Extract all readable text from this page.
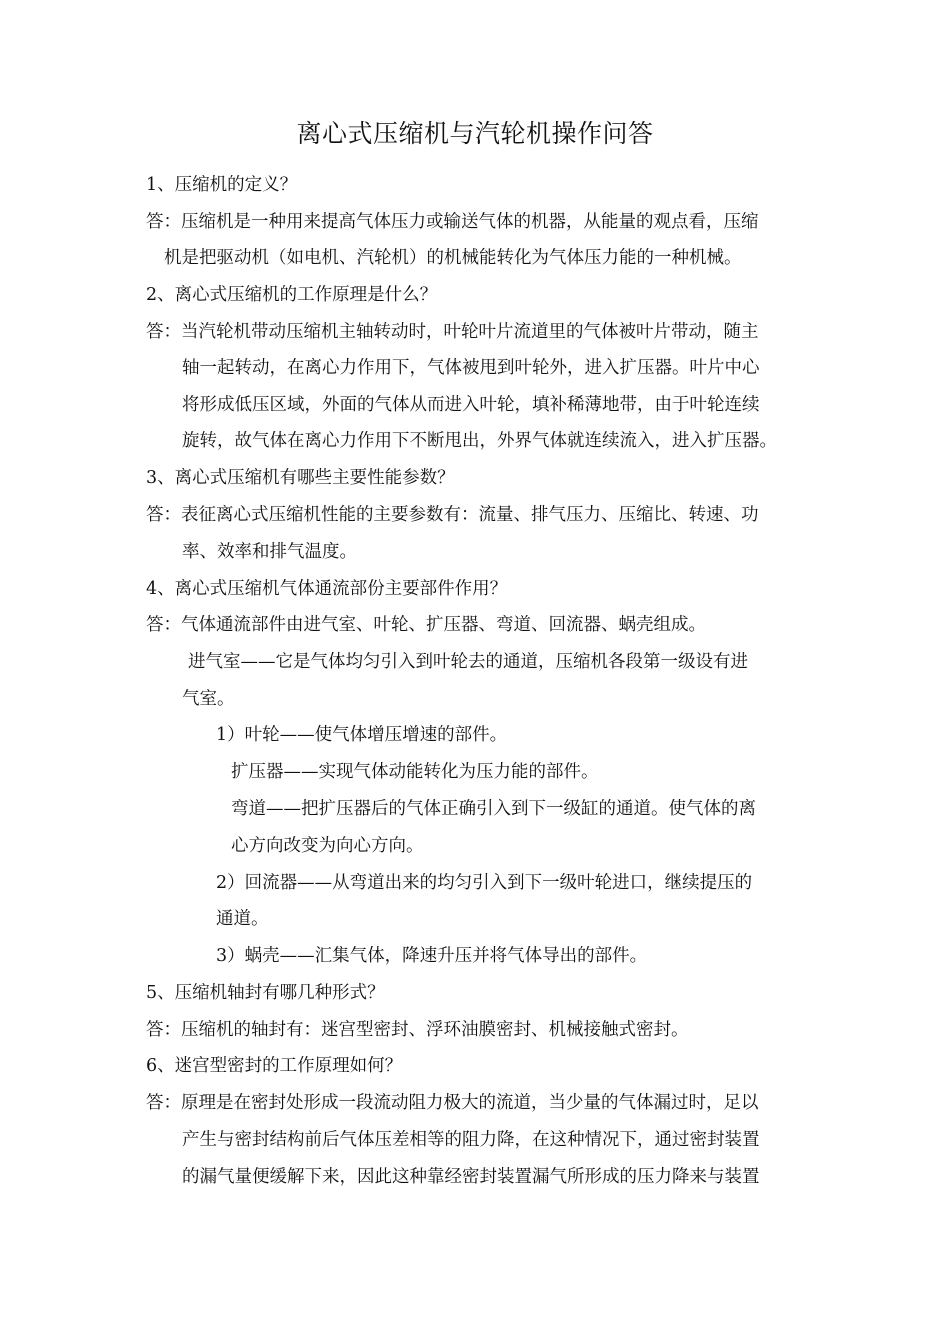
离心式压缩机与汽轮机操作问答
1、压缩机的定义？
答：压缩机是一种用来提高气体压力或输送气体的机器，从能量的观点看，压缩
机是把驱动机（如电机、汽轮机）的机械能转化为气体压力能的一种机械。
2、离心式压缩机的工作原理是什么？
答：当汽轮机带动压缩机主轴转动时，叶轮叶片流道里的气体被叶片带动，随主
轴一起转动，在离心力作用下，气体被甩到叶轮外，进入扩压器。叶片中心
将形成低压区域，外面的气体从而进入叶轮，填补稀薄地带，由于叶轮连续
旋转，故气体在离心力作用下不断甩出，外界气体就连续流入，进入扩压器。
3、离心式压缩机有哪些主要性能参数？
答：表征离心式压缩机性能的主要参数有：流量、排气压力、压缩比、转速、功
率、效率和排气温度。
4、离心式压缩机气体通流部份主要部件作用？
答：气体通流部件由进气室、叶轮、扩压器、弯道、回流器、蜗壳组成。
进气室——它是气体均匀引入到叶轮去的通道，压缩机各段第一级设有进
气室。
1）叶轮——使气体增压增速的部件。
扩压器——实现气体动能转化为压力能的部件。
弯道——把扩压器后的气体正确引入到下一级缸的通道。使气体的离
心方向改变为向心方向。
2）回流器——从弯道出来的均匀引入到下一级叶轮进口，继续提压的
通道。
3）蜗壳——汇集气体，降速升压并将气体导出的部件。
5、压缩机轴封有哪几种形式？
答：压缩机的轴封有：迷宫型密封、浮环油膜密封、机械接触式密封。
6、迷宫型密封的工作原理如何？
答：原理是在密封处形成一段流动阻力极大的流道，当少量的气体漏过时，足以
产生与密封结构前后气体压差相等的阻力降，在这种情况下，通过密封装置
的漏气量便缓解下来，因此这种靠经密封装置漏气所形成的压力降来与装置
